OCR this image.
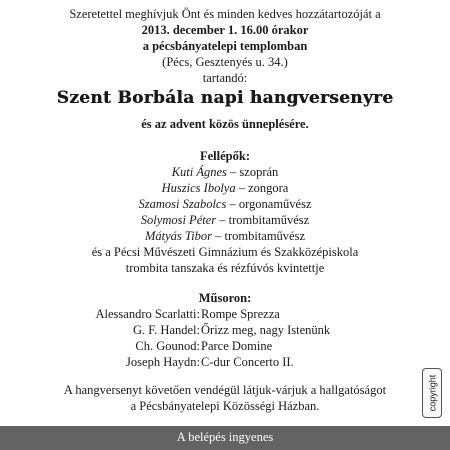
Szeretettel meghívjuk Önt és minden kedves hozzátartozóját a
2013. december 1. 16.00 órakor
a pécsbányatelepi templomban
(Pécs, Gesztenyés u. 34.)
tartandó:
Szent Borbála napi hangversenyre
és az advent közös ünneplésére.
Fellépők:
Kuti Ágnes – szoprán
Huszics Ibolya – zongora
Szamosi Szabolcs – orgonaművész
Solymosi Péter – trombitaművész
Mátyás Tibor – trombitaművész
és a Pécsi Művészeti Gimnázium és Szakközépiskola
trombita tanszaka és rézfúvós kvintettje
Műsoron:
Alessandro Scarlatti: Rompe Sprezza
G. F. Handel: Őrizz meg, nagy Istenünk
Ch. Gounod: Parce Domine
Joseph Haydn: C-dur Concerto II.
A hangversenyt követően vendégül látjuk-várjuk a hallgatóságot
a Pécsbányatelepi Közösségi Házban.	copyright
A belépés ingyenes
